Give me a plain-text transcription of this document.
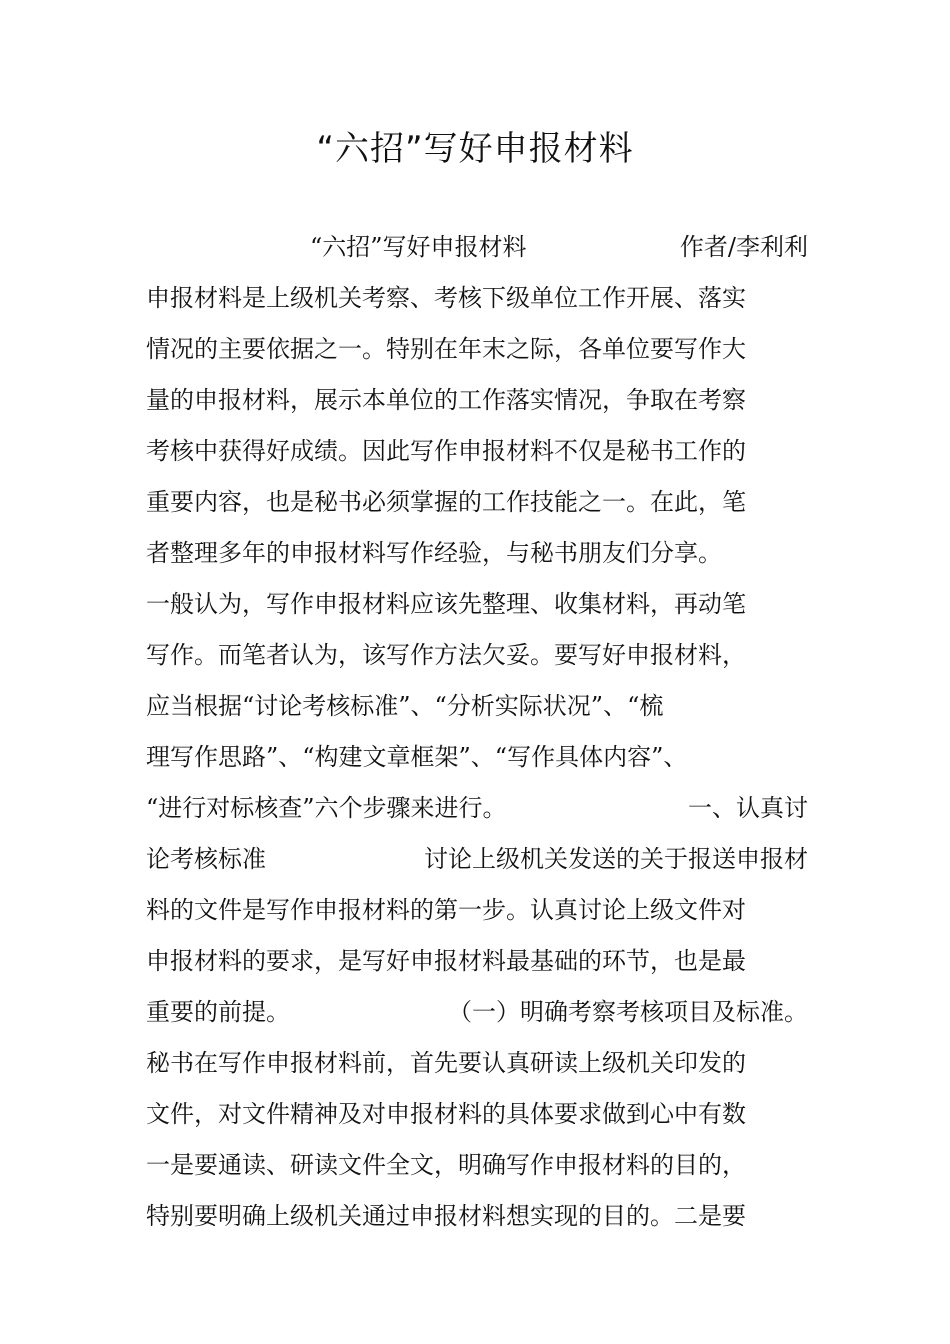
“六招”写好申报材料
“六招”写好申报材料	作者/李利利
申报材料是上级机关考察、考核下级单位工作开展、落实
情况的主要依据之一。特别在年末之际，各单位要写作大
量的申报材料，展示本单位的工作落实情况，争取在考察
考核中获得好成绩。因此写作申报材料不仅是秘书工作的
重要内容，也是秘书必须掌握的工作技能之一。在此，笔
者整理多年的申报材料写作经验，与秘书朋友们分享。
一般认为，写作申报材料应该先整理、收集材料，再动笔
写作。而笔者认为，该写作方法欠妥。要写好申报材料，
应当根据“讨论考核标准”、“分析实际状况”、“梳
理写作思路”、“构建文章框架”、“写作具体内容”、
“进行对标核查”六个步骤来进行。	一、认真讨
论考核标准	讨论上级机关发送的关于报送申报材
料的文件是写作申报材料的第一步。认真讨论上级文件对
申报材料的要求，是写好申报材料最基础的环节，也是最
重要的前提。	（一）明确考察考核项目及标准。
秘书在写作申报材料前，首先要认真研读上级机关印发的
文件，对文件精神及对申报材料的具体要求做到心中有数
一是要通读、研读文件全文，明确写作申报材料的目的，
特别要明确上级机关通过申报材料想实现的目的。二是要
